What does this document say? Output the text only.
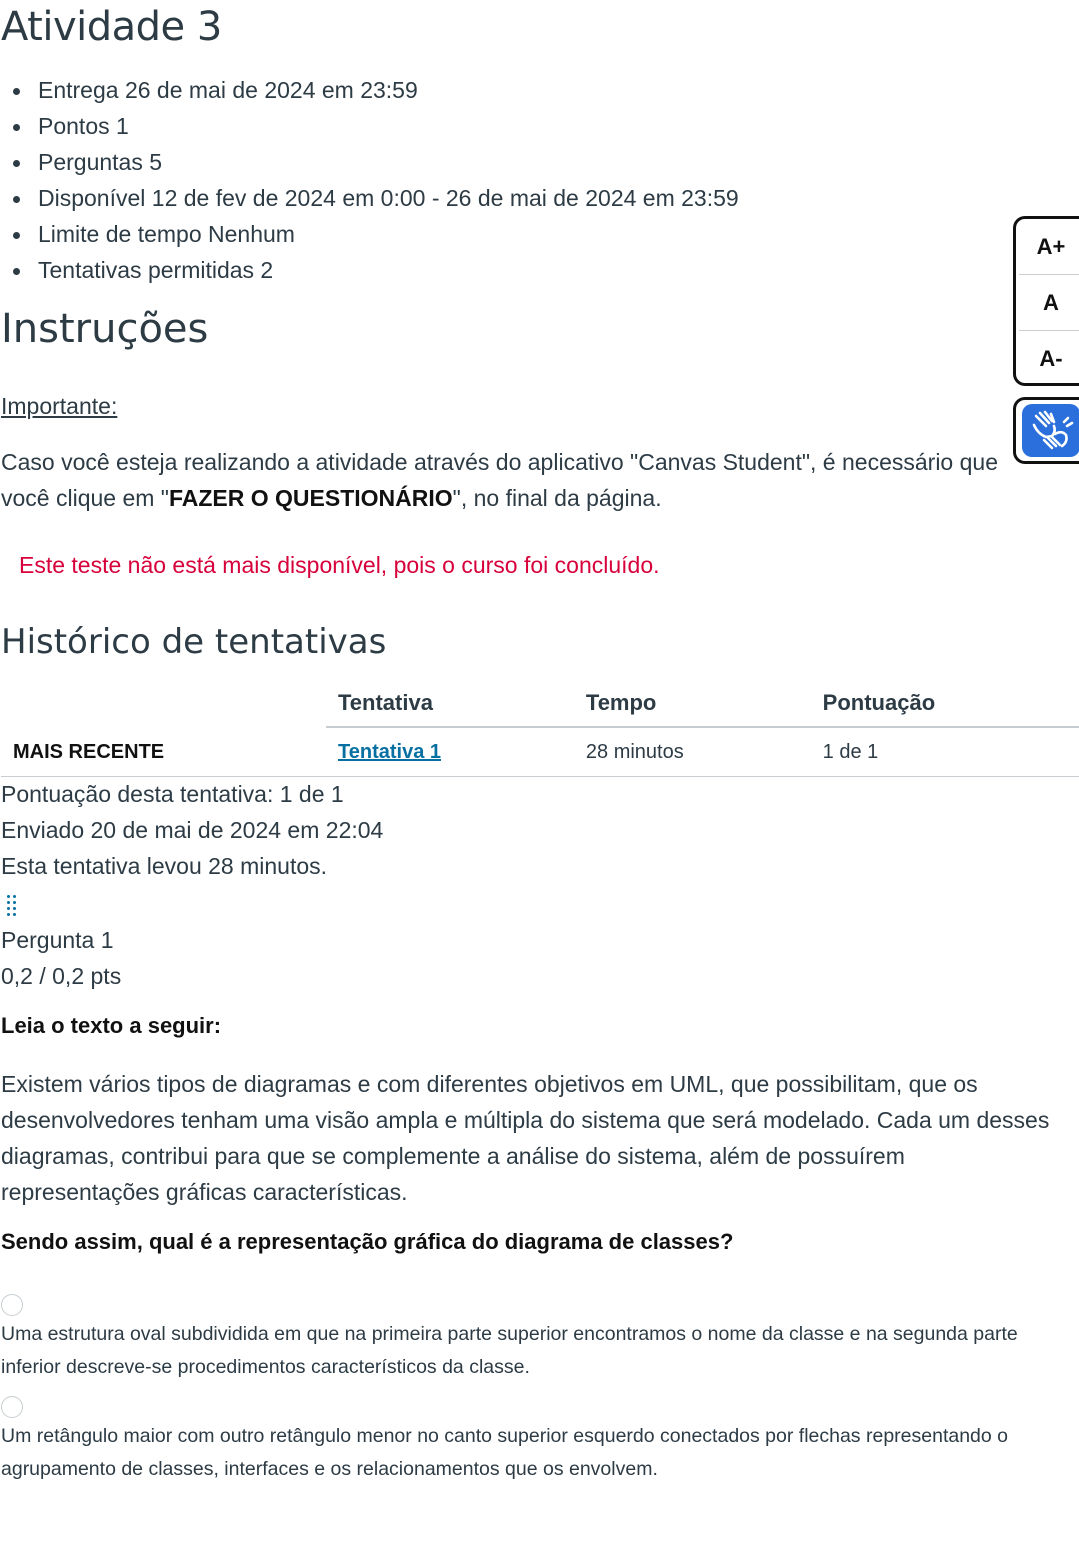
Atividade 3
Entrega 26 de mai de 2024 em 23:59
Pontos 1
Perguntas 5
Disponível 12 de fev de 2024 em 0:00 - 26 de mai de 2024 em 23:59
Limite de tempo Nenhum
Tentativas permitidas 2
Instruções
Importante:
Caso você esteja realizando a atividade através do aplicativo "Canvas Student", é necessário que
você clique em "FAZER O QUESTIONÁRIO", no final da página.
Este teste não está mais disponível, pois o curso foi concluído.
Histórico de tentativas
	Tentativa	Tempo	Pontuação
MAIS RECENTE	Tentativa 1	28 minutos	1 de 1
Pontuação desta tentativa: 1 de 1
Enviado 20 de mai de 2024 em 22:04
Esta tentativa levou 28 minutos.
Pergunta 1
0,2 / 0,2 pts
Leia o texto a seguir:
Existem vários tipos de diagramas e com diferentes objetivos em UML, que possibilitam, que os desenvolvedores tenham uma visão ampla e múltipla do sistema que será modelado. Cada um desses diagramas, contribui para que se complemente a análise do sistema, além de possuírem representações gráficas características.
Sendo assim, qual é a representação gráfica do diagrama de classes?
Uma estrutura oval subdividida em que na primeira parte superior encontramos o nome da classe e na segunda parte inferior descreve-se procedimentos característicos da classe.
Um retângulo maior com outro retângulo menor no canto superior esquerdo conectados por flechas representando o agrupamento de classes, interfaces e os relacionamentos que os envolvem.
A+
A
A-
